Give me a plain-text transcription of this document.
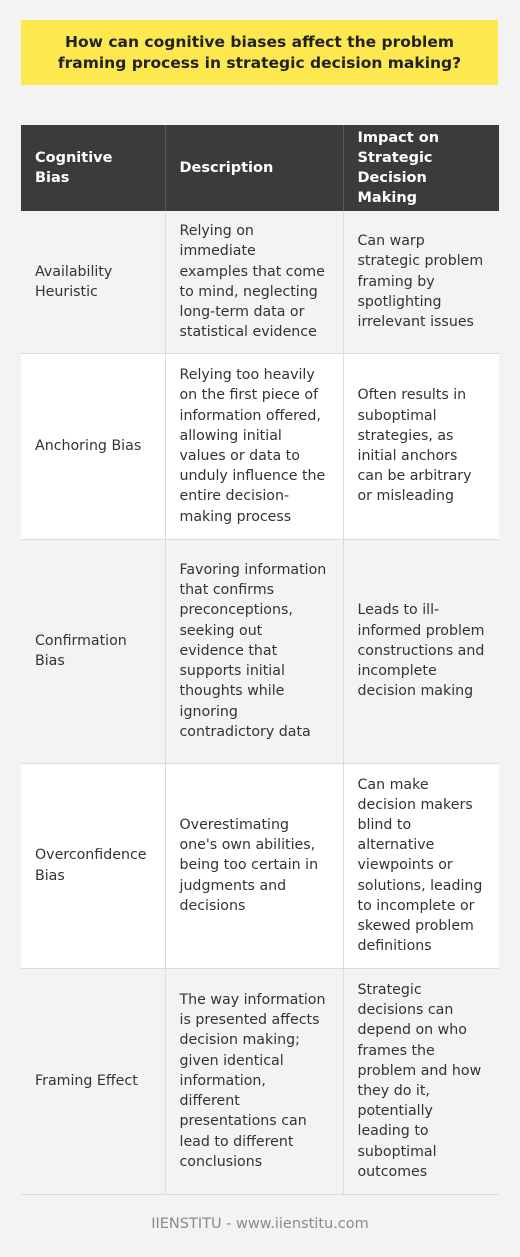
How can cognitive biases affect the problem framing process in strategic decision making?
Cognitive Bias	Description	Impact on Strategic Decision Making
Availability Heuristic	Relying on immediate examples that come to mind, neglecting long-term data or statistical evidence	Can warp strategic problem framing by spotlighting irrelevant issues
Anchoring Bias	Relying too heavily on the first piece of information offered, allowing initial values or data to unduly influence the entire decision-making process	Often results in suboptimal strategies, as initial anchors can be arbitrary or misleading
Confirmation Bias	Favoring information that confirms preconceptions, seeking out evidence that supports initial thoughts while ignoring contradictory data	Leads to ill-informed problem constructions and incomplete decision making
Overconfidence Bias	Overestimating one's own abilities, being too certain in judgments and decisions	Can make decision makers blind to alternative viewpoints or solutions, leading to incomplete or skewed problem definitions
Framing Effect	The way information is presented affects decision making; given identical information, different presentations can lead to different conclusions	Strategic decisions can depend on who frames the problem and how they do it, potentially leading to suboptimal outcomes
IIENSTITU - www.iienstitu.com
